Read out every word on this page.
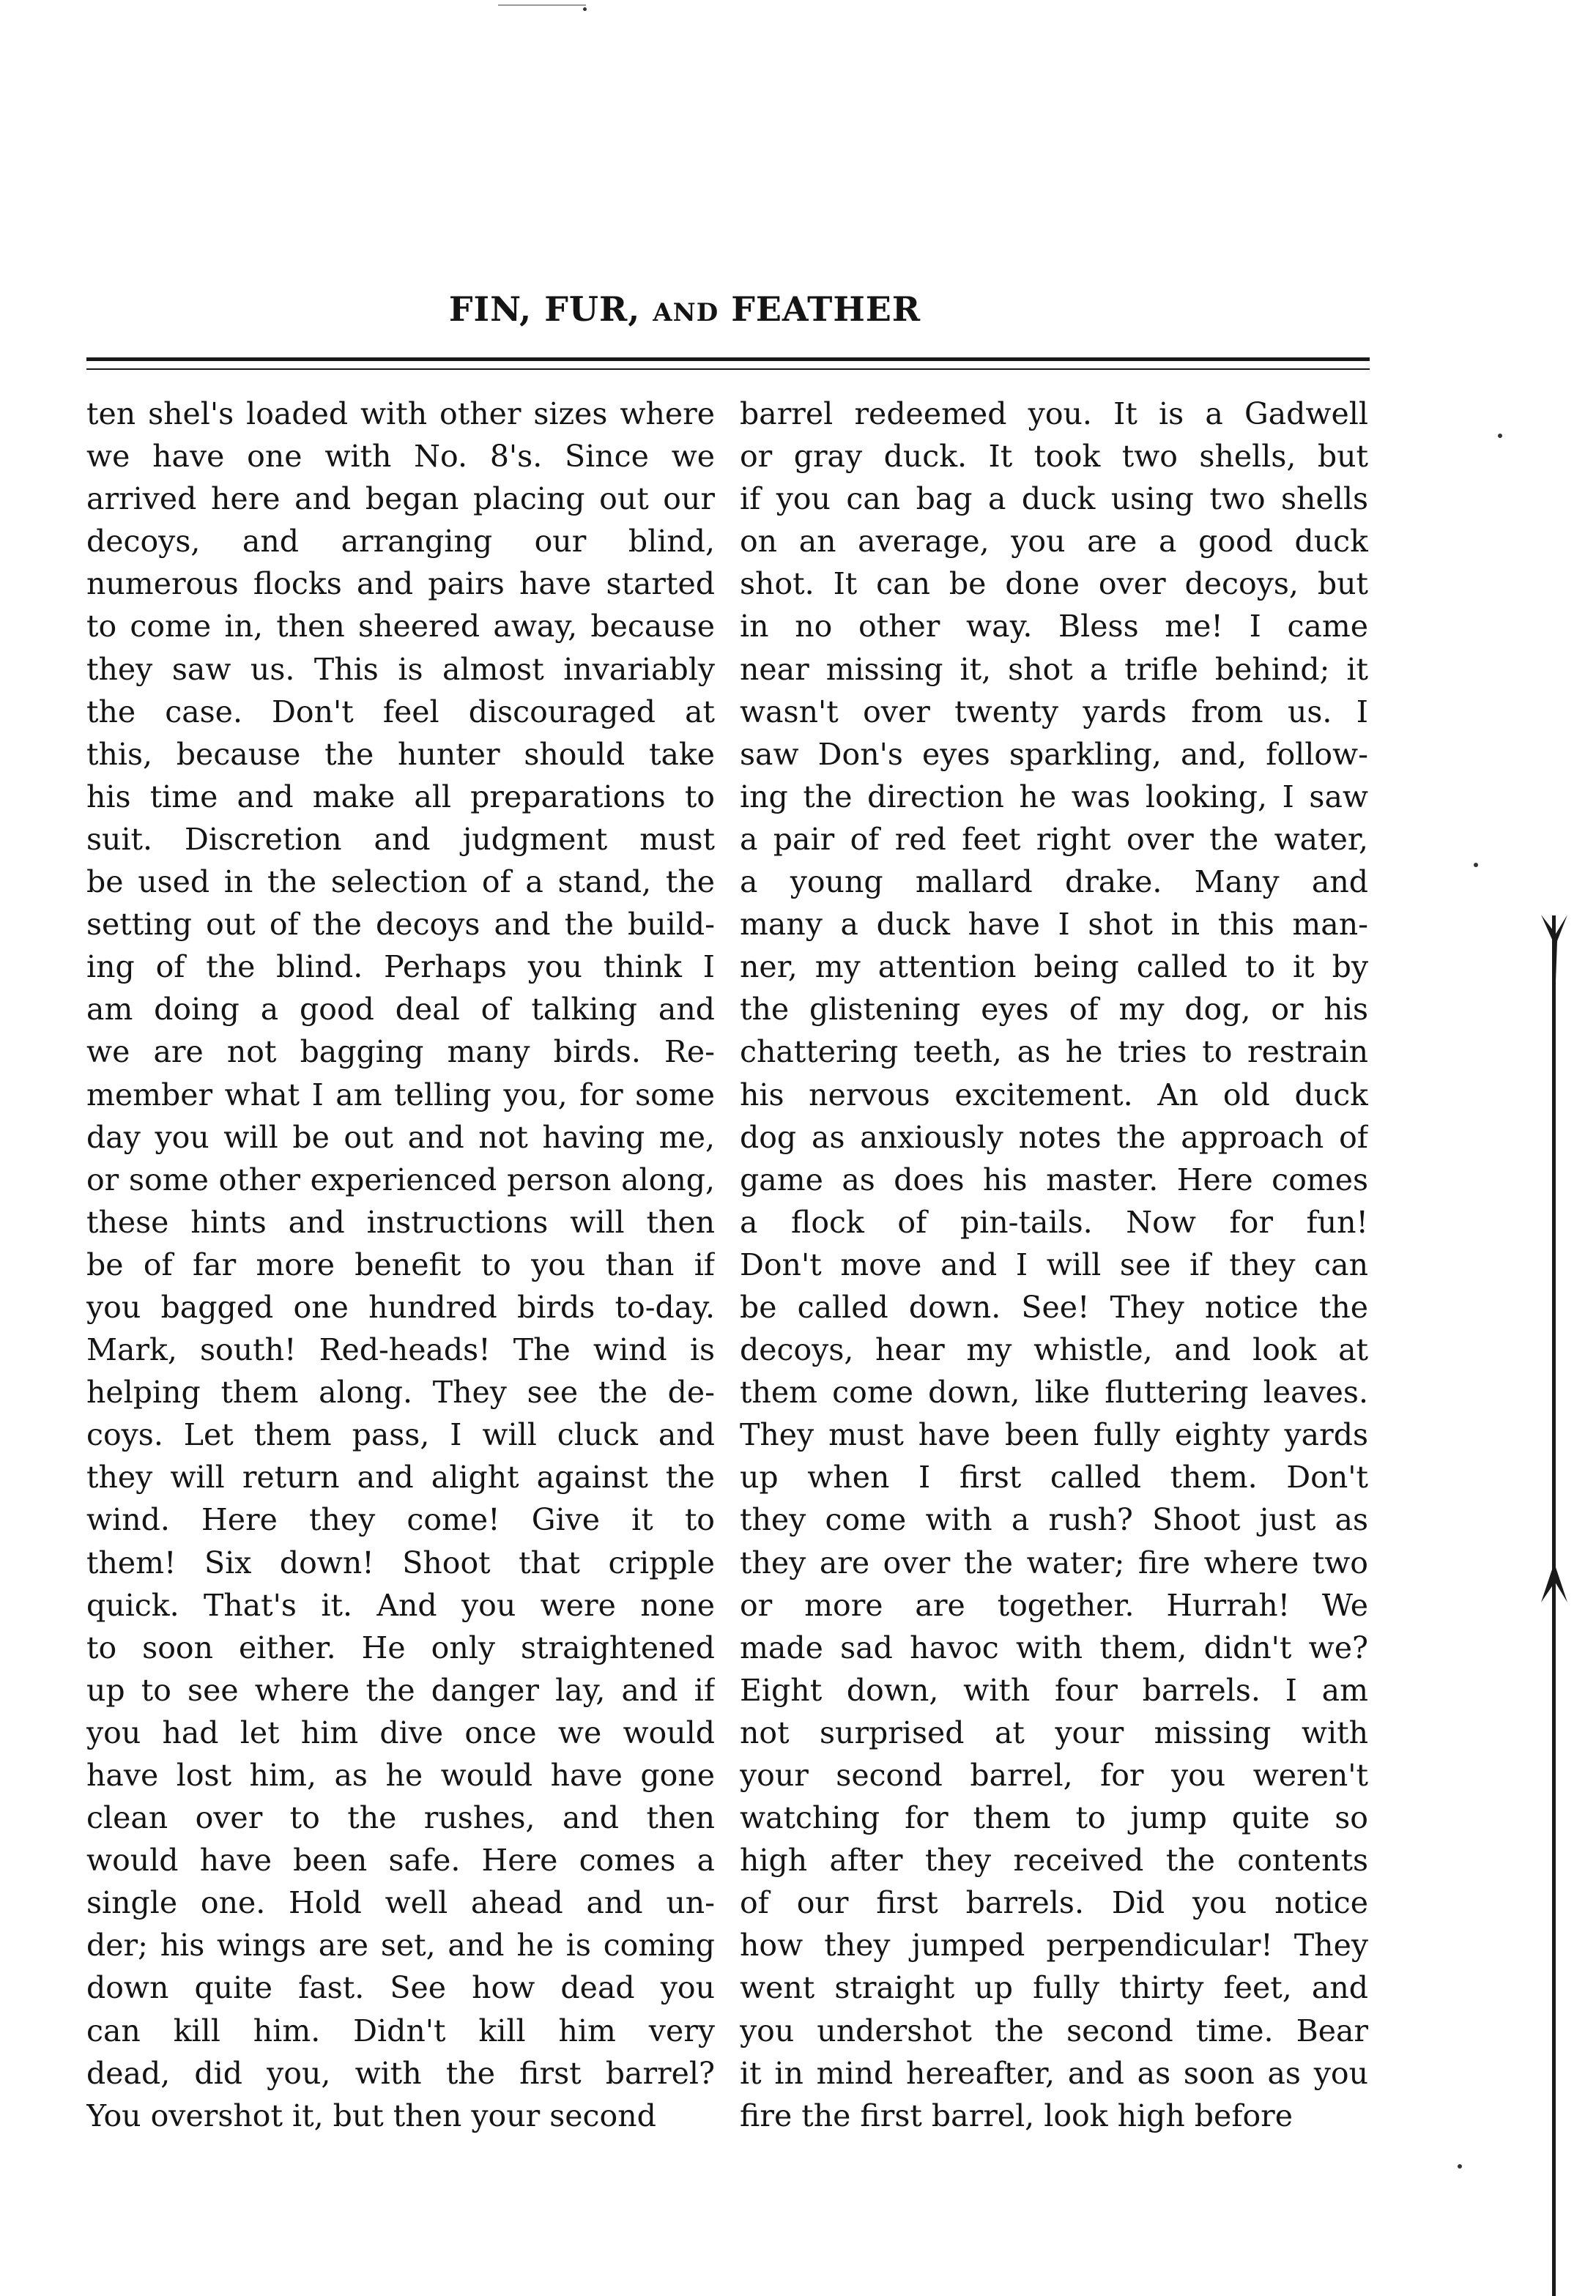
FIN, FUR, AND FEATHER
ten shel's loaded with other sizes where
we have one with No. 8's. Since we
arrived here and began placing out our
decoys, and arranging our blind,
numerous flocks and pairs have started
to come in, then sheered away, because
they saw us. This is almost invariably
the case. Don't feel discouraged at
this, because the hunter should take
his time and make all preparations to
suit. Discretion and judgment must
be used in the selection of a stand, the
setting out of the decoys and the build-
ing of the blind. Perhaps you think I
am doing a good deal of talking and
we are not bagging many birds. Re-
member what I am telling you, for some
day you will be out and not having me,
or some other experienced person along,
these hints and instructions will then
be of far more benefit to you than if
you bagged one hundred birds to-day.
Mark, south! Red-heads! The wind is
helping them along. They see the de-
coys. Let them pass, I will cluck and
they will return and alight against the
wind. Here they come! Give it to
them! Six down! Shoot that cripple
quick. That's it. And you were none
to soon either. He only straightened
up to see where the danger lay, and if
you had let him dive once we would
have lost him, as he would have gone
clean over to the rushes, and then
would have been safe. Here comes a
single one. Hold well ahead and un-
der; his wings are set, and he is coming
down quite fast. See how dead you
can kill him. Didn't kill him very
dead, did you, with the first barrel?
You overshot it, but then your second
barrel redeemed you. It is a Gadwell
or gray duck. It took two shells, but
if you can bag a duck using two shells
on an average, you are a good duck
shot. It can be done over decoys, but
in no other way. Bless me! I came
near missing it, shot a trifle behind; it
wasn't over twenty yards from us. I
saw Don's eyes sparkling, and, follow-
ing the direction he was looking, I saw
a pair of red feet right over the water,
a young mallard drake. Many and
many a duck have I shot in this man-
ner, my attention being called to it by
the glistening eyes of my dog, or his
chattering teeth, as he tries to restrain
his nervous excitement. An old duck
dog as anxiously notes the approach of
game as does his master. Here comes
a flock of pin-tails. Now for fun!
Don't move and I will see if they can
be called down. See! They notice the
decoys, hear my whistle, and look at
them come down, like fluttering leaves.
They must have been fully eighty yards
up when I first called them. Don't
they come with a rush? Shoot just as
they are over the water; fire where two
or more are together. Hurrah! We
made sad havoc with them, didn't we?
Eight down, with four barrels. I am
not surprised at your missing with
your second barrel, for you weren't
watching for them to jump quite so
high after they received the contents
of our first barrels. Did you notice
how they jumped perpendicular! They
went straight up fully thirty feet, and
you undershot the second time. Bear
it in mind hereafter, and as soon as you
fire the first barrel, look high before
